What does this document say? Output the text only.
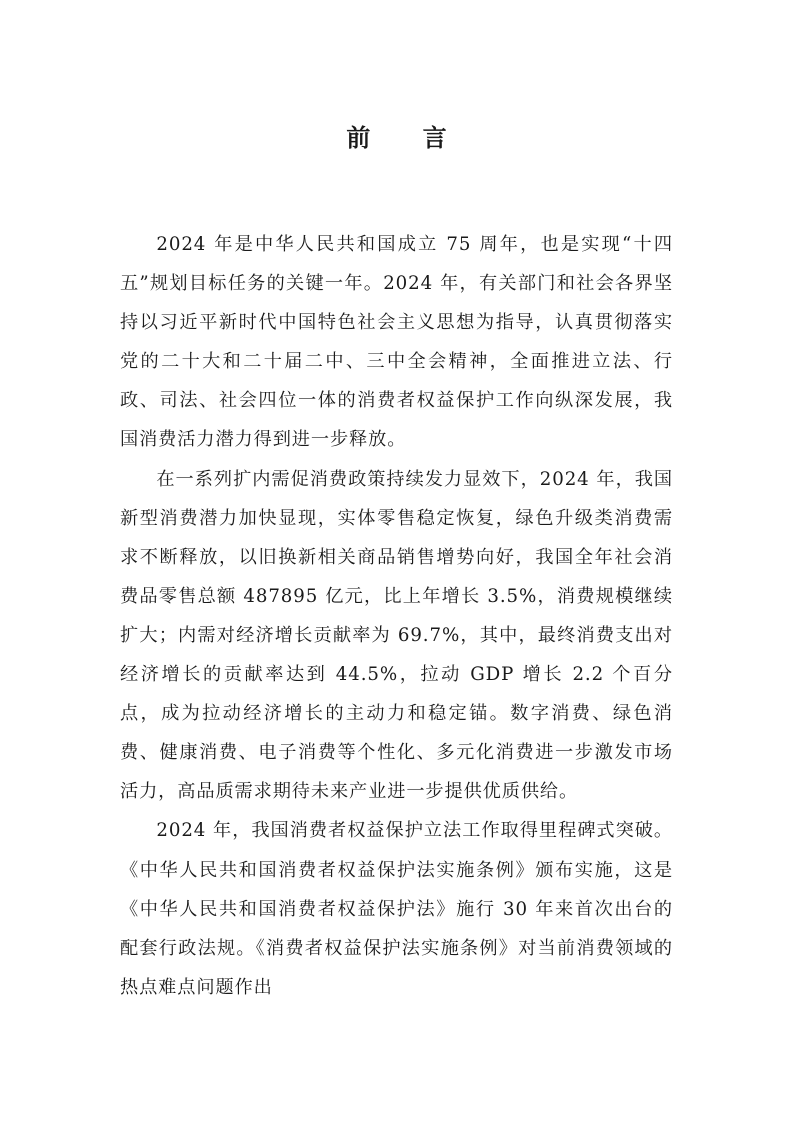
前 言

2024 年是中华人民共和国成立 75 周年，也是实现“十四五”规划目标任务的关键一年。2024 年，有关部门和社会各界坚持以习近平新时代中国特色社会主义思想为指导，认真贯彻落实党的二十大和二十届二中、三中全会精神，全面推进立法、行政、司法、社会四位一体的消费者权益保护工作向纵深发展，我国消费活力潜力得到进一步释放。

在一系列扩内需促消费政策持续发力显效下，2024 年，我国新型消费潜力加快显现，实体零售稳定恢复，绿色升级类消费需求不断释放，以旧换新相关商品销售增势向好，我国全年社会消费品零售总额 487895 亿元，比上年增长 3.5%，消费规模继续扩大；内需对经济增长贡献率为 69.7%，其中，最终消费支出对经济增长的贡献率达到 44.5%，拉动 GDP 增长 2.2 个百分点，成为拉动经济增长的主动力和稳定锚。数字消费、绿色消费、健康消费、电子消费等个性化、多元化消费进一步激发市场活力，高品质需求期待未来产业进一步提供优质供给。

2024 年，我国消费者权益保护立法工作取得里程碑式突破。《中华人民共和国消费者权益保护法实施条例》颁布实施，这是《中华人民共和国消费者权益保护法》施行 30 年来首次出台的配套行政法规。《消费者权益保护法实施条例》对当前消费领域的热点难点问题作出
